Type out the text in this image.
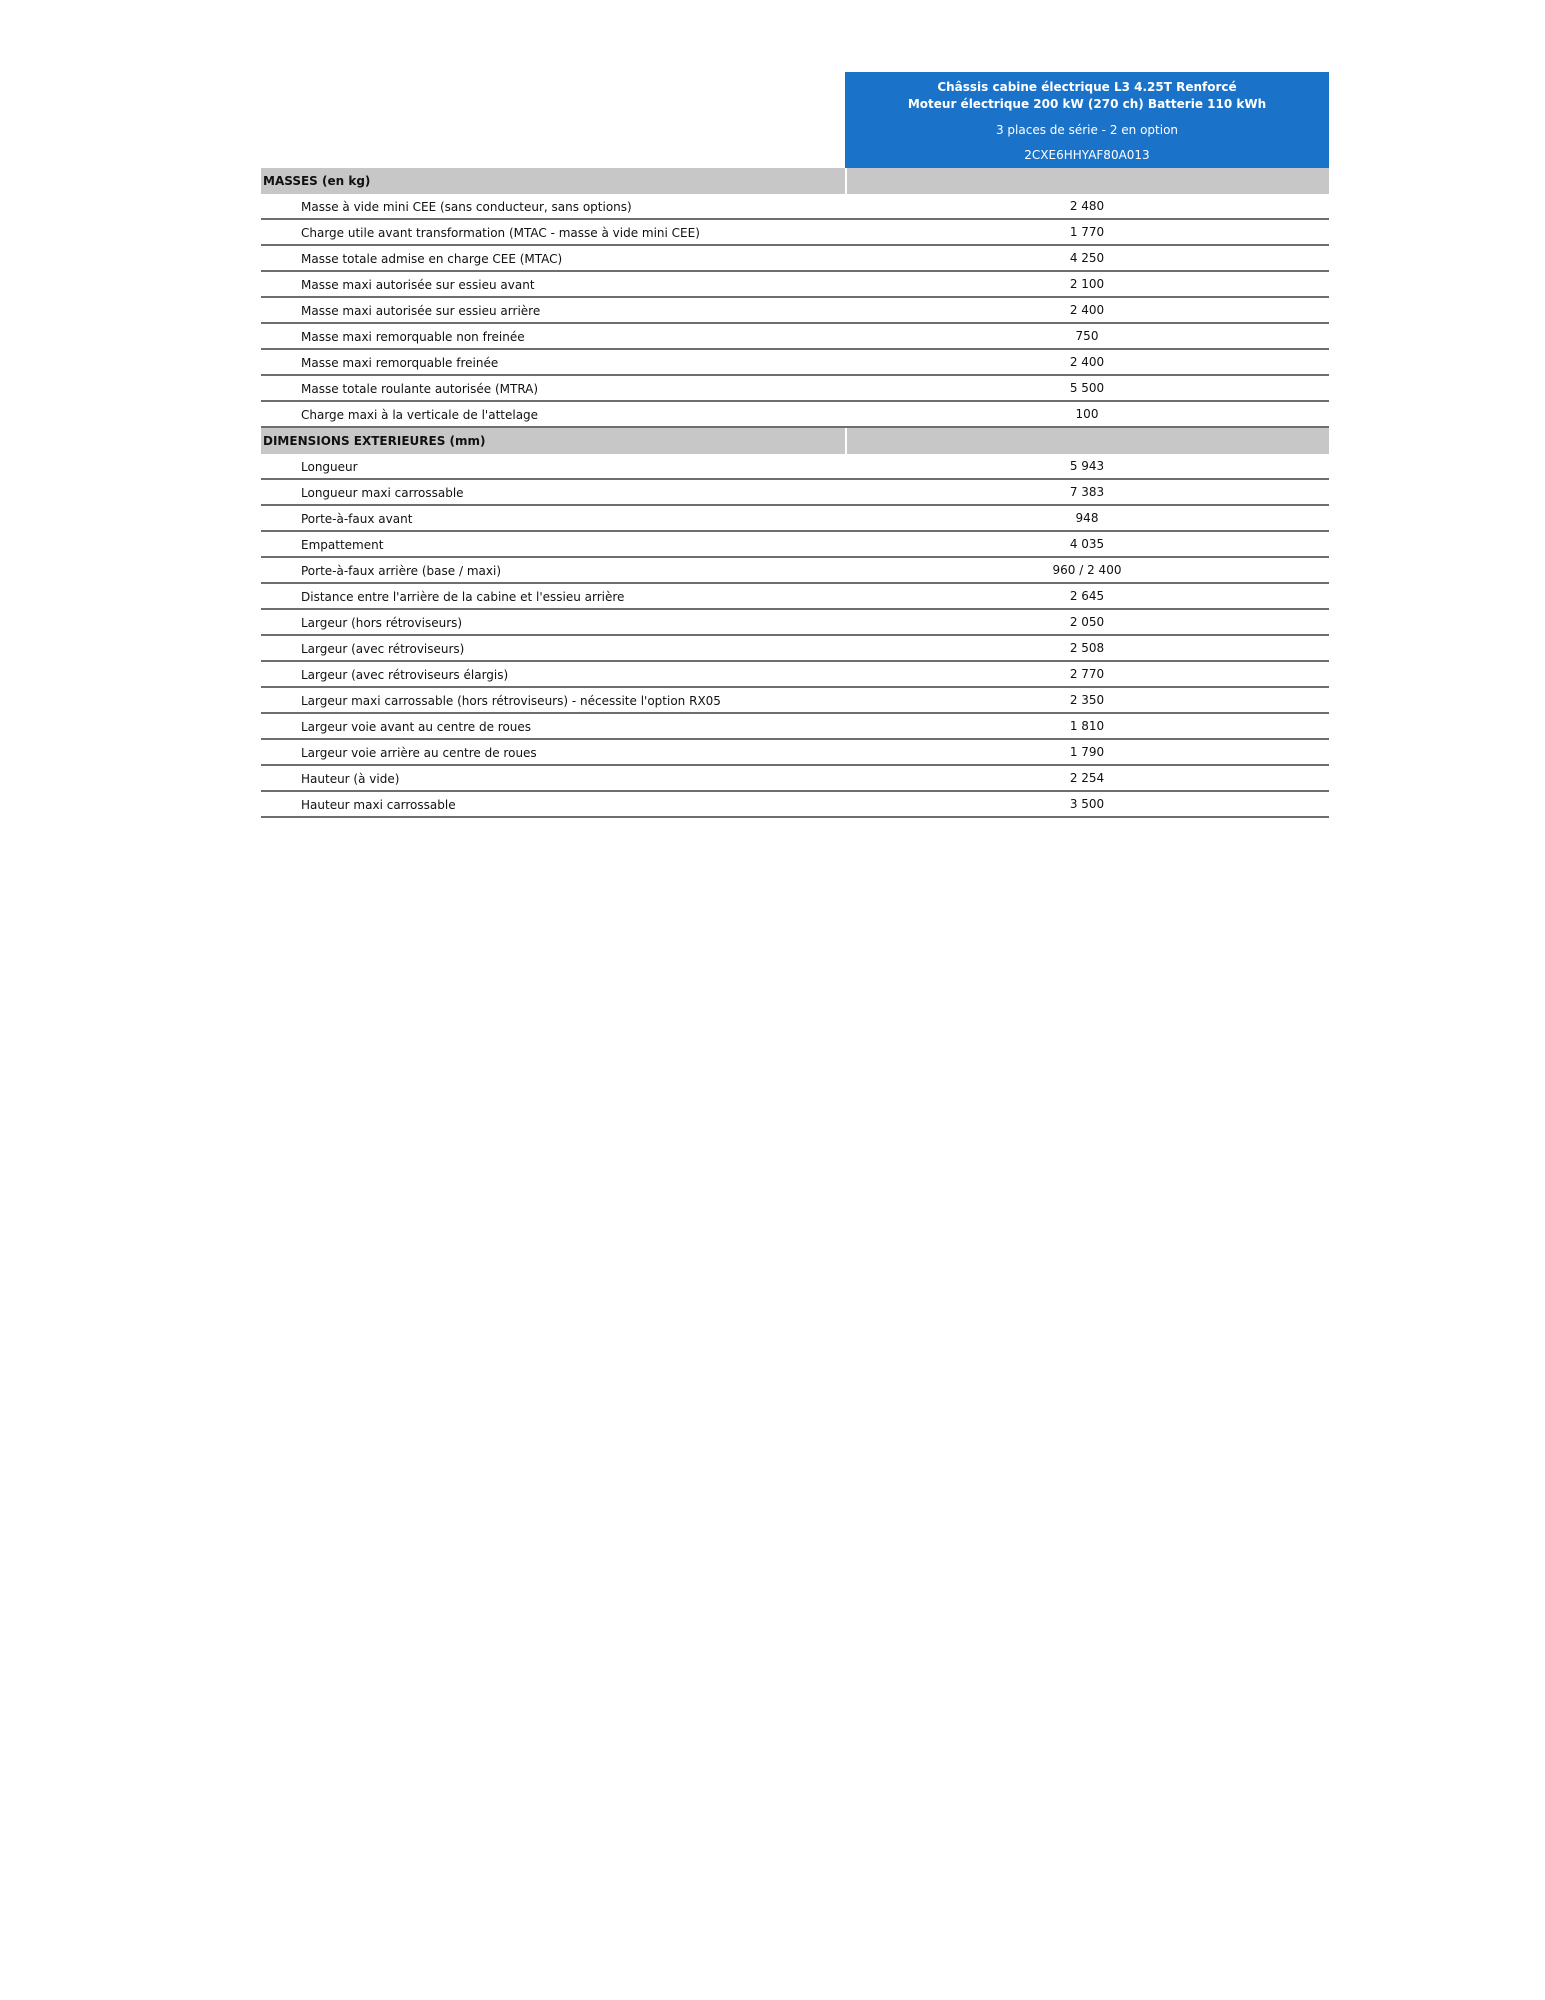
Châssis cabine électrique L3 4.25T Renforcé
Moteur électrique 200 kW (270 ch) Batterie 110 kWh
3 places de série - 2 en option
2CXE6HHYAF80A013
MASSES (en kg)
Masse à vide mini CEE (sans conducteur, sans options)	2 480
Charge utile avant transformation (MTAC - masse à vide mini CEE)	1 770
Masse totale admise en charge CEE (MTAC)	4 250
Masse maxi autorisée sur essieu avant	2 100
Masse maxi autorisée sur essieu arrière	2 400
Masse maxi remorquable non freinée	750
Masse maxi remorquable freinée	2 400
Masse totale roulante autorisée (MTRA)	5 500
Charge maxi à la verticale de l'attelage	100
DIMENSIONS EXTERIEURES (mm)
Longueur	5 943
Longueur maxi carrossable	7 383
Porte-à-faux avant	948
Empattement	4 035
Porte-à-faux arrière (base / maxi)	960 / 2 400
Distance entre l'arrière de la cabine et l'essieu arrière	2 645
Largeur (hors rétroviseurs)	2 050
Largeur (avec rétroviseurs)	2 508
Largeur (avec rétroviseurs élargis)	2 770
Largeur maxi carrossable (hors rétroviseurs) - nécessite l'option RX05	2 350
Largeur voie avant au centre de roues	1 810
Largeur voie arrière au centre de roues	1 790
Hauteur (à vide)	2 254
Hauteur maxi carrossable	3 500
